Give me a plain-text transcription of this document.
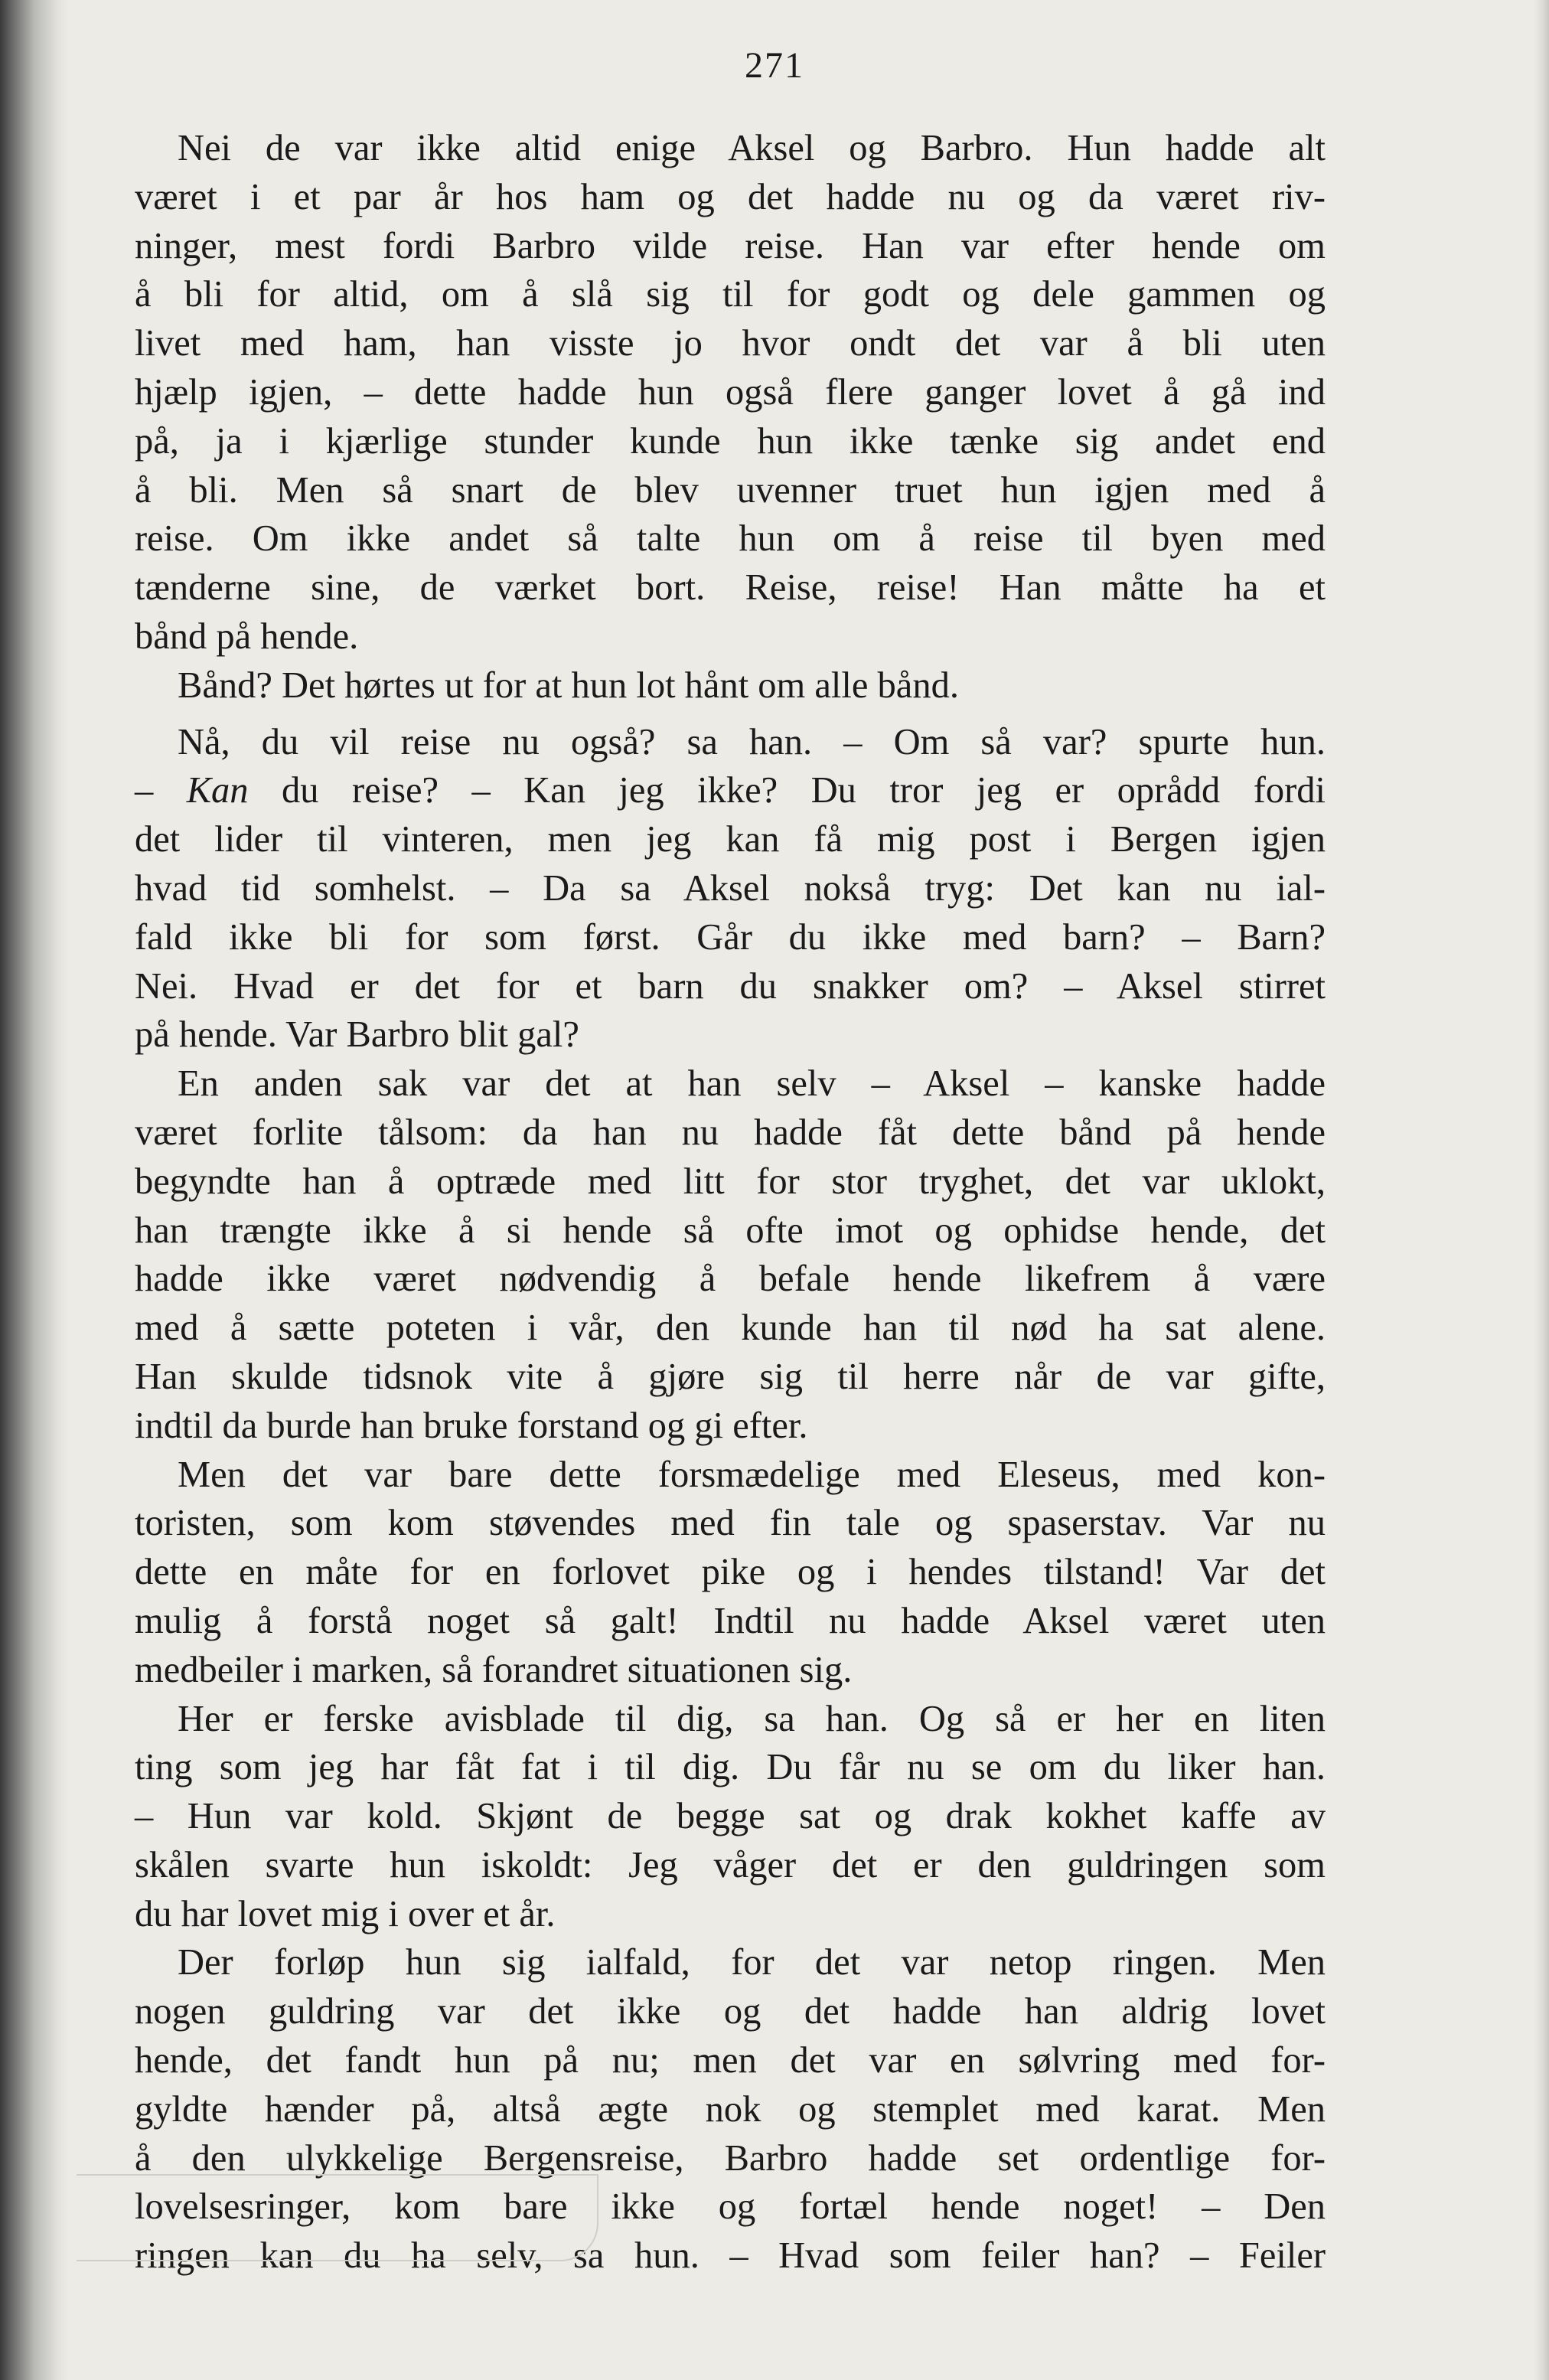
271
Nei de var ikke altid enige Aksel og Barbro. Hun hadde alt
været i et par år hos ham og det hadde nu og da været riv-
ninger, mest fordi Barbro vilde reise. Han var efter hende om
å bli for altid, om å slå sig til for godt og dele gammen og
livet med ham, han visste jo hvor ondt det var å bli uten
hjælp igjen, – dette hadde hun også flere ganger lovet å gå ind
på, ja i kjærlige stunder kunde hun ikke tænke sig andet end
å bli. Men så snart de blev uvenner truet hun igjen med å
reise. Om ikke andet så talte hun om å reise til byen med
tænderne sine, de værket bort. Reise, reise! Han måtte ha et
bånd på hende.
Bånd? Det hørtes ut for at hun lot hånt om alle bånd.
Nå, du vil reise nu også? sa han. – Om så var? spurte hun.
– Kan du reise? – Kan jeg ikke? Du tror jeg er oprådd fordi
det lider til vinteren, men jeg kan få mig post i Bergen igjen
hvad tid somhelst. – Da sa Aksel nokså tryg: Det kan nu ial-
fald ikke bli for som først. Går du ikke med barn? – Barn?
Nei. Hvad er det for et barn du snakker om? – Aksel stirret
på hende. Var Barbro blit gal?
En anden sak var det at han selv – Aksel – kanske hadde
været forlite tålsom: da han nu hadde fåt dette bånd på hende
begyndte han å optræde med litt for stor tryghet, det var uklokt,
han trængte ikke å si hende så ofte imot og ophidse hende, det
hadde ikke været nødvendig å befale hende likefrem å være
med å sætte poteten i vår, den kunde han til nød ha sat alene.
Han skulde tidsnok vite å gjøre sig til herre når de var gifte,
indtil da burde han bruke forstand og gi efter.
Men det var bare dette forsmædelige med Eleseus, med kon-
toristen, som kom støvendes med fin tale og spaserstav. Var nu
dette en måte for en forlovet pike og i hendes tilstand! Var det
mulig å forstå noget så galt! Indtil nu hadde Aksel været uten
medbeiler i marken, så forandret situationen sig.
Her er ferske avisblade til dig, sa han. Og så er her en liten
ting som jeg har fåt fat i til dig. Du får nu se om du liker han.
– Hun var kold. Skjønt de begge sat og drak kokhet kaffe av
skålen svarte hun iskoldt: Jeg våger det er den guldringen som
du har lovet mig i over et år.
Der forløp hun sig ialfald, for det var netop ringen. Men
nogen guldring var det ikke og det hadde han aldrig lovet
hende, det fandt hun på nu; men det var en sølvring med for-
gyldte hænder på, altså ægte nok og stemplet med karat. Men
å den ulykkelige Bergensreise, Barbro hadde set ordentlige for-
lovelsesringer, kom bare ikke og fortæl hende noget! – Den
ringen kan du ha selv, sa hun. – Hvad som feiler han? – Feiler
